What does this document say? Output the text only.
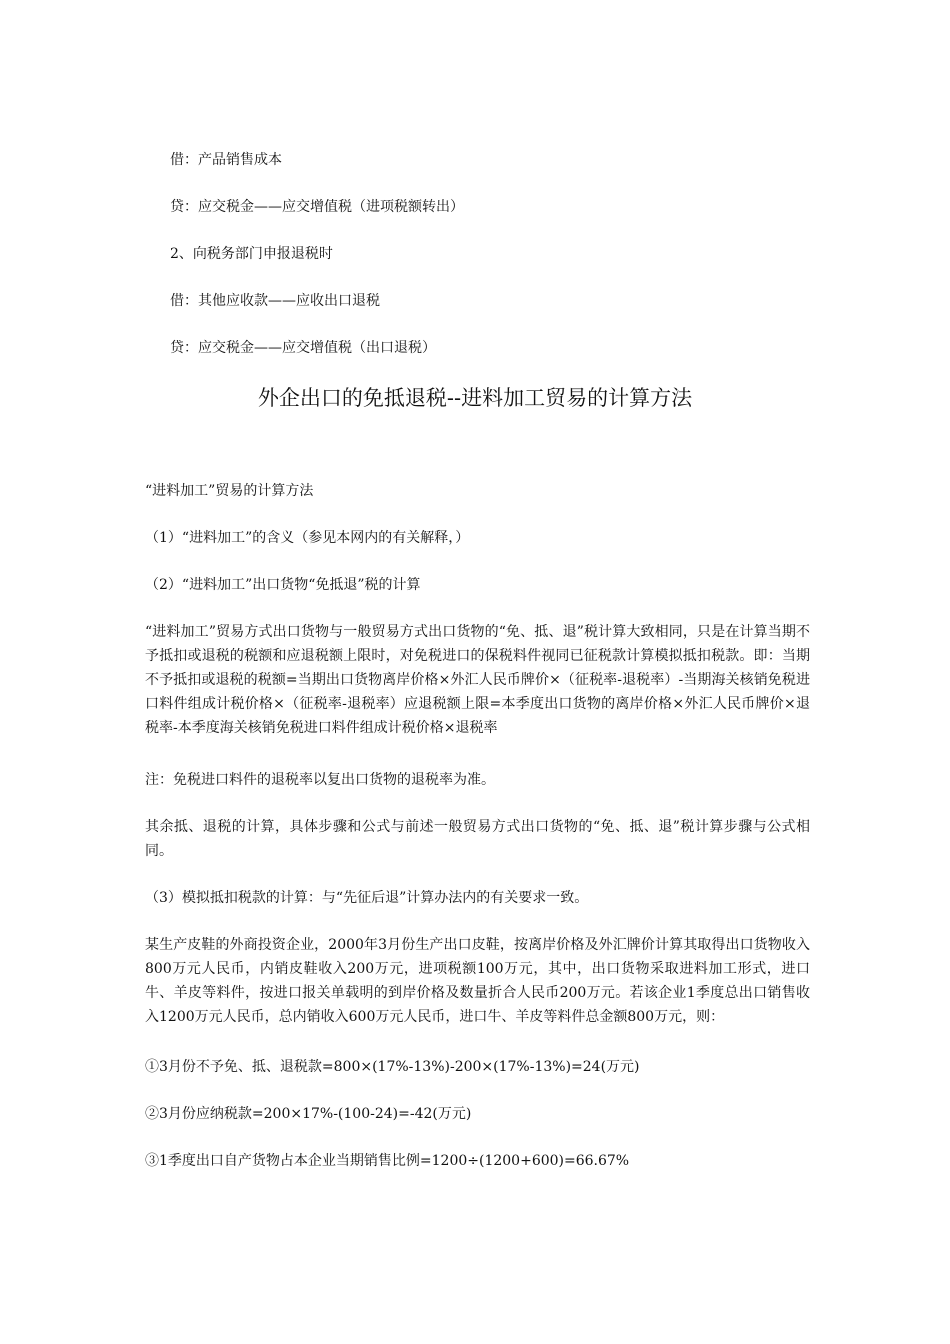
借：产品销售成本
贷：应交税金——应交增值税（进项税额转出）
2、向税务部门申报退税时
借：其他应收款——应收出口退税
贷：应交税金——应交增值税（出口退税）
外企出口的免抵退税--进料加工贸易的计算方法
“进料加工”贸易的计算方法
（1）“进料加工”的含义（参见本网内的有关解释，）
（2）“进料加工”出口货物“免抵退”税的计算
“进料加工”贸易方式出口货物与一般贸易方式出口货物的“免、抵、退”税计算大致相同，只是在计算当期不予抵扣或退税的税额和应退税额上限时，对免税进口的保税料件视同已征税款计算模拟抵扣税款。即：当期不予抵扣或退税的税额=当期出口货物离岸价格×外汇人民币牌价×（征税率-退税率）-当期海关核销免税进口料件组成计税价格×（征税率-退税率）应退税额上限=本季度出口货物的离岸价格×外汇人民币牌价×退税率-本季度海关核销免税进口料件组成计税价格×退税率
注：免税进口料件的退税率以复出口货物的退税率为准。
其余抵、退税的计算，具体步骤和公式与前述一般贸易方式出口货物的“免、抵、退”税计算步骤与公式相同。
（3）模拟抵扣税款的计算：与“先征后退”计算办法内的有关要求一致。
某生产皮鞋的外商投资企业，2000年3月份生产出口皮鞋，按离岸价格及外汇牌价计算其取得出口货物收入800万元人民币，内销皮鞋收入200万元，进项税额100万元，其中，出口货物采取进料加工形式，进口牛、羊皮等料件，按进口报关单载明的到岸价格及数量折合人民币200万元。若该企业1季度总出口销售收入1200万元人民币，总内销收入600万元人民币，进口牛、羊皮等料件总金额800万元，则：
①3月份不予免、抵、退税款=800×(17%-13%)-200×(17%-13%)=24(万元)
②3月份应纳税款=200×17%-(100-24)=-42(万元)
③1季度出口自产货物占本企业当期销售比例=1200÷(1200+600)=66.67%
